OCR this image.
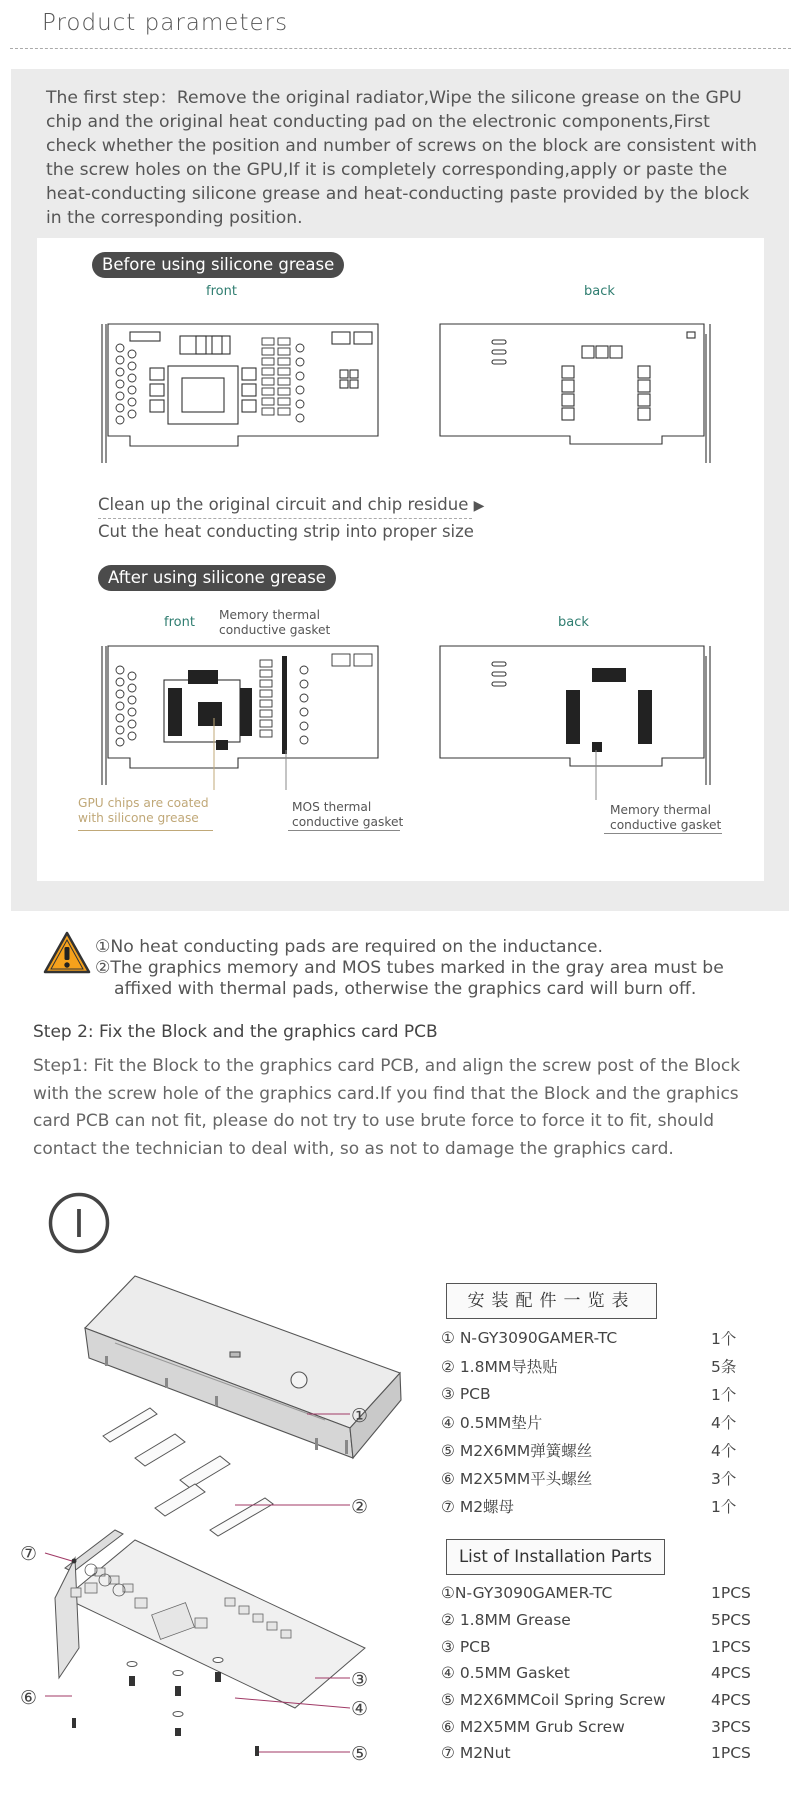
Product parameters
The first step：Remove the original radiator,Wipe the silicone grease on the GPU chip and the original heat conducting pad on the electronic components,First check whether the position and number of screws on the block are consistent with the screw holes on the GPU,If it is completely corresponding,apply or paste the heat-conducting silicone grease and heat-conducting paste provided by the block in the corresponding position.
Before using silicone grease
front	back
Clean up the original circuit and chip residue ▶
Cut the heat conducting strip into proper size
After using silicone grease
front	back
Memory thermal
conductive gasket
GPU chips are coated
with silicone grease
MOS thermal
conductive gasket
Memory thermal
conductive gasket
①No heat conducting pads are required on the inductance.
②The graphics memory and MOS tubes marked in the gray area must be
affixed with thermal pads, otherwise the graphics card will burn off.
Step 2: Fix the Block and the graphics card PCB
Step1: Fit the Block to the graphics card PCB, and align the screw post of the Block with the screw hole of the graphics card.If you find that the Block and the graphics card PCB can not fit, please do not try to use brute force to force it to fit, should contact the technician to deal with, so as not to damage the graphics card.
I
①
②
③
④
⑤
⑥
⑦
安装配件一览表
① N-GY3090GAMER-TC	1个
② 1.8MM导热贴	5条
③ PCB	1个
④ 0.5MM垫片	4个
⑤ M2X6MM弹簧螺丝	4个
⑥ M2X5MM平头螺丝	3个
⑦ M2螺母	1个
List of Installation Parts
①N-GY3090GAMER-TC	1PCS
② 1.8MM Grease	5PCS
③ PCB	1PCS
④ 0.5MM Gasket	4PCS
⑤ M2X6MMCoil Spring Screw	4PCS
⑥ M2X5MM Grub Screw	3PCS
⑦ M2Nut	1PCS
